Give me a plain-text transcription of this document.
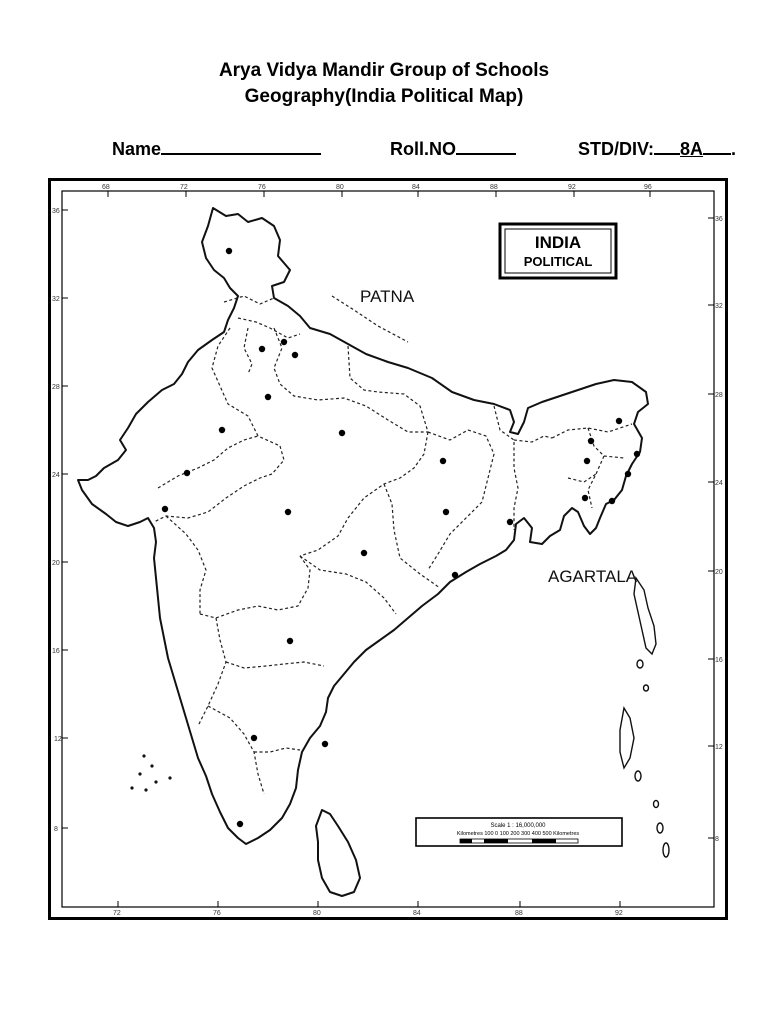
Arya Vidya Mandir Group of Schools
Geography(India Political Map)

Name
	Roll.NO
	STD/DIV: 8A .

68	72	76	80	84	88	92	96
72	76	80	84	88	92
36
32
28
24
20
16
12
8
36
32
28
24
20
16
12
8
INDIA
POLITICAL
PATNA
AGARTALA
Scale 1 : 16,000,000
Kilometres 100 0 100 200 300 400 500 Kilometres
